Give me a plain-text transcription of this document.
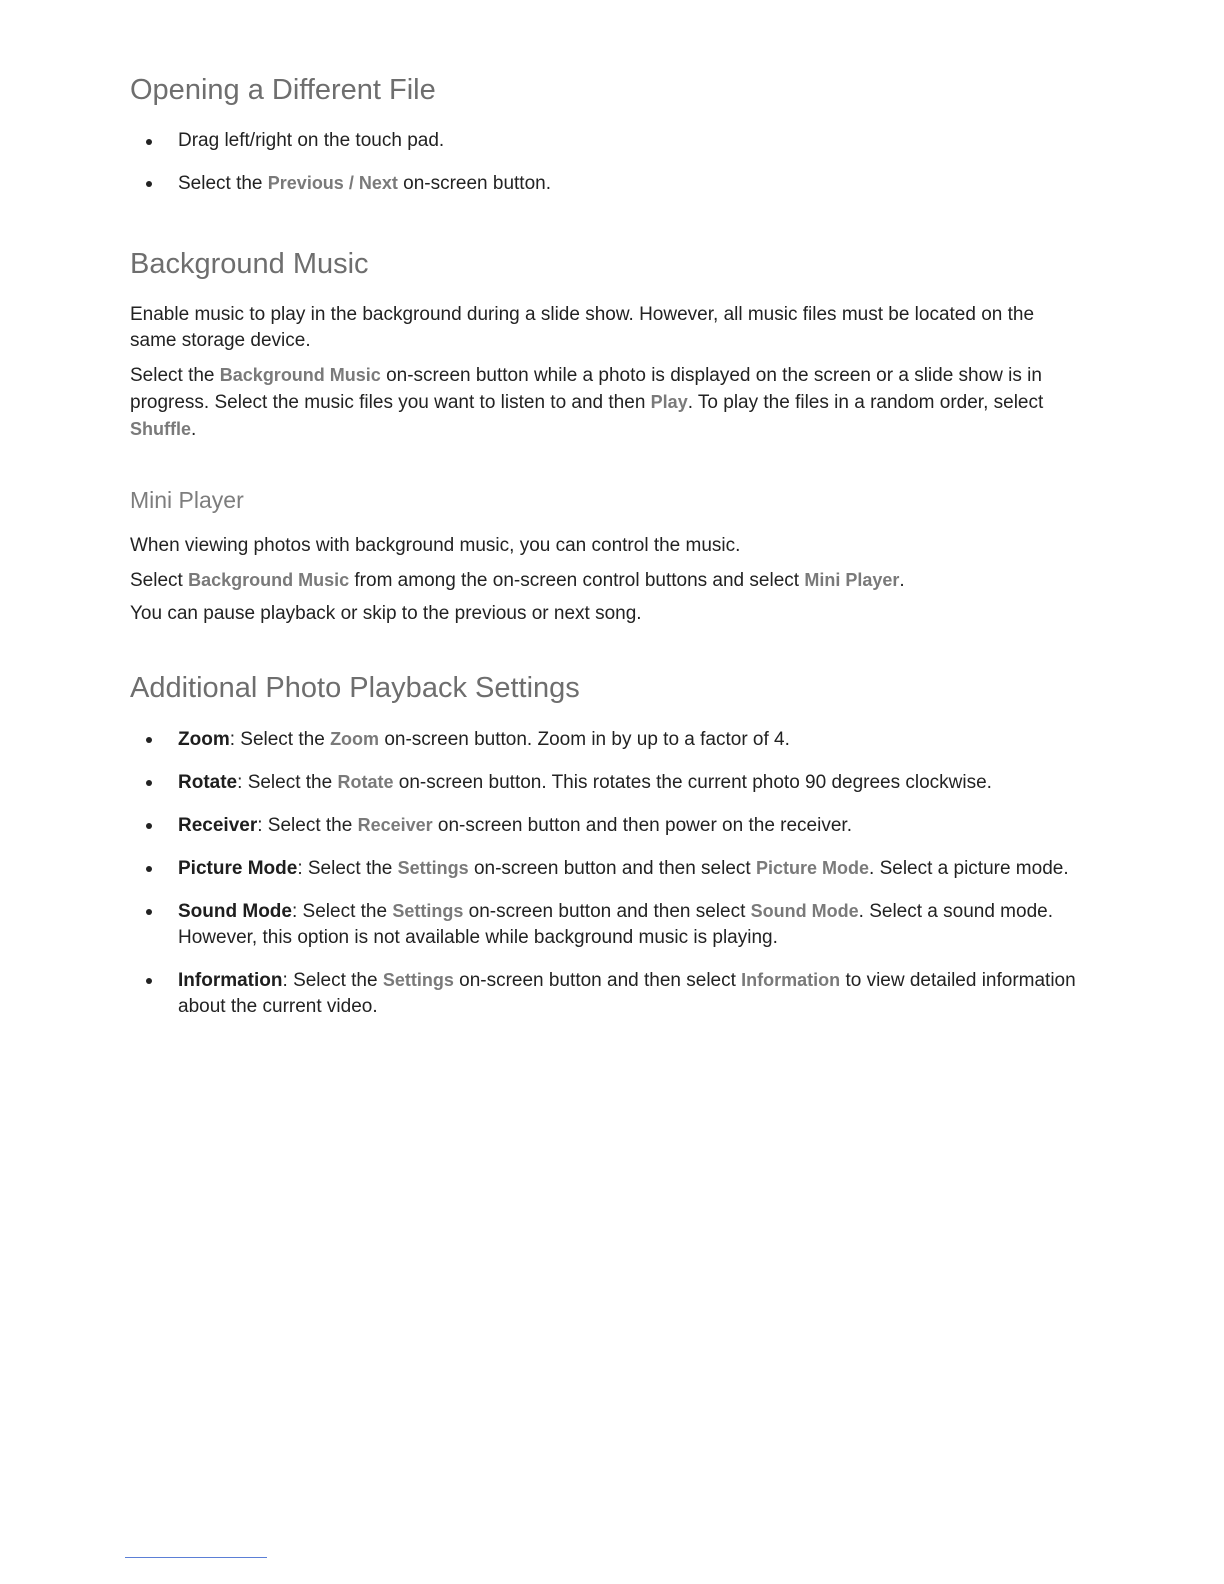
Opening a Different File
Drag left/right on the touch pad.
Select the Previous / Next on-screen button.
Background Music

Enable music to play in the background during a slide show. However, all music files must be located on the same storage device.

Select the Background Music on-screen button while a photo is displayed on the screen or a slide show is in progress. Select the music files you want to listen to and then Play. To play the files in a random order, select Shuffle.

Mini Player

When viewing photos with background music, you can control the music.

Select Background Music from among the on-screen control buttons and select Mini Player.

You can pause playback or skip to the previous or next song.

Additional Photo Playback Settings
Zoom: Select the Zoom on-screen button. Zoom in by up to a factor of 4.
Rotate: Select the Rotate on-screen button. This rotates the current photo 90 degrees clockwise.
Receiver: Select the Receiver on-screen button and then power on the receiver.
Picture Mode: Select the Settings on-screen button and then select Picture Mode. Select a picture mode.
Sound Mode: Select the Settings on-screen button and then select Sound Mode. Select a sound mode. However, this option is not available while background music is playing.
Information: Select the Settings on-screen button and then select Information to view detailed information about the current video.
